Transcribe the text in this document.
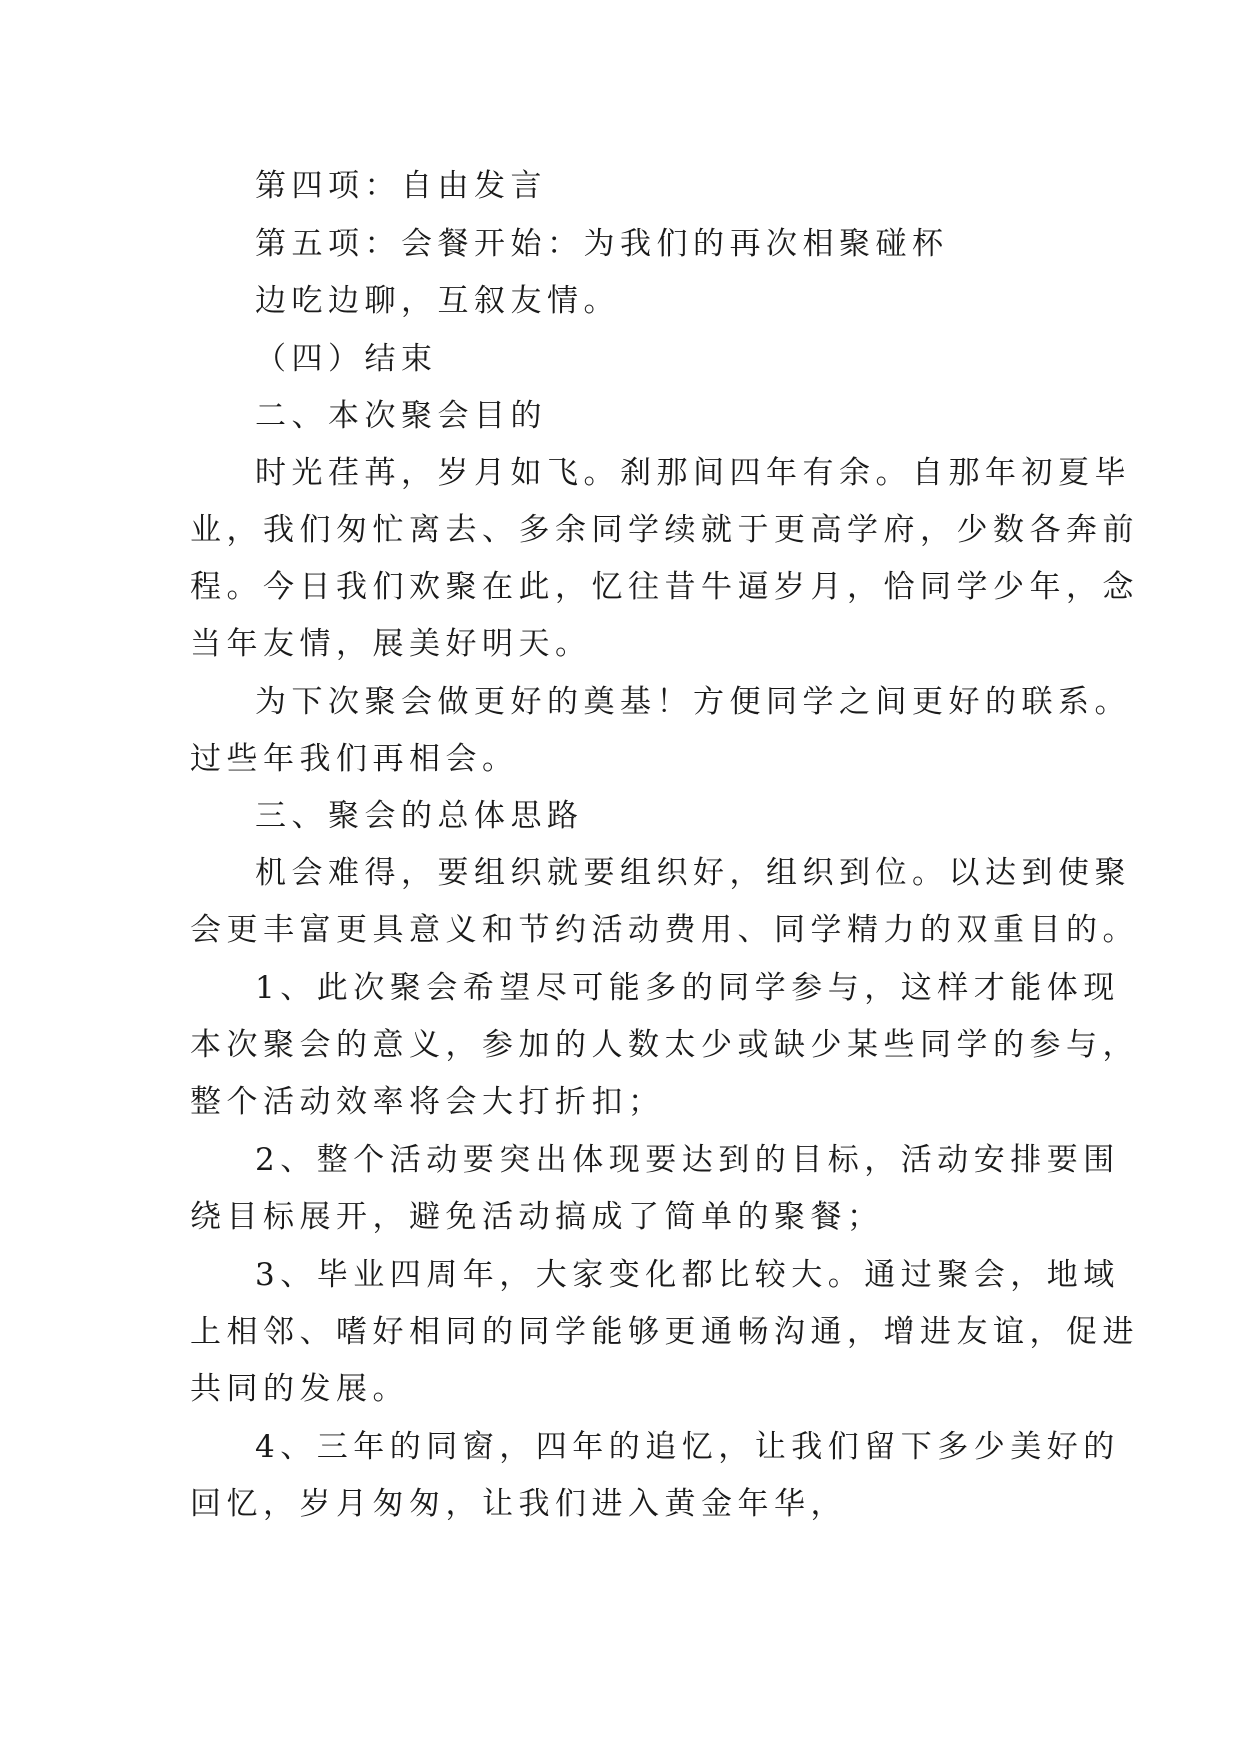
第四项：自由发言
第五项：会餐开始：为我们的再次相聚碰杯
边吃边聊，互叙友情。
（四）结束
二、本次聚会目的
时光荏苒，岁月如飞。刹那间四年有余。自那年初夏毕
业，我们匆忙离去、多余同学续就于更高学府，少数各奔前
程。今日我们欢聚在此，忆往昔牛逼岁月，恰同学少年，念
当年友情，展美好明天。
为下次聚会做更好的奠基！方便同学之间更好的联系。
过些年我们再相会。
三、聚会的总体思路
机会难得，要组织就要组织好，组织到位。以达到使聚
会更丰富更具意义和节约活动费用、同学精力的双重目的。
1、此次聚会希望尽可能多的同学参与，这样才能体现
本次聚会的意义，参加的人数太少或缺少某些同学的参与，
整个活动效率将会大打折扣；
2、整个活动要突出体现要达到的目标，活动安排要围
绕目标展开，避免活动搞成了简单的聚餐；
3、毕业四周年，大家变化都比较大。通过聚会，地域
上相邻、嗜好相同的同学能够更通畅沟通，增进友谊，促进
共同的发展。
4、三年的同窗，四年的追忆，让我们留下多少美好的
回忆，岁月匆匆，让我们进入黄金年华，
